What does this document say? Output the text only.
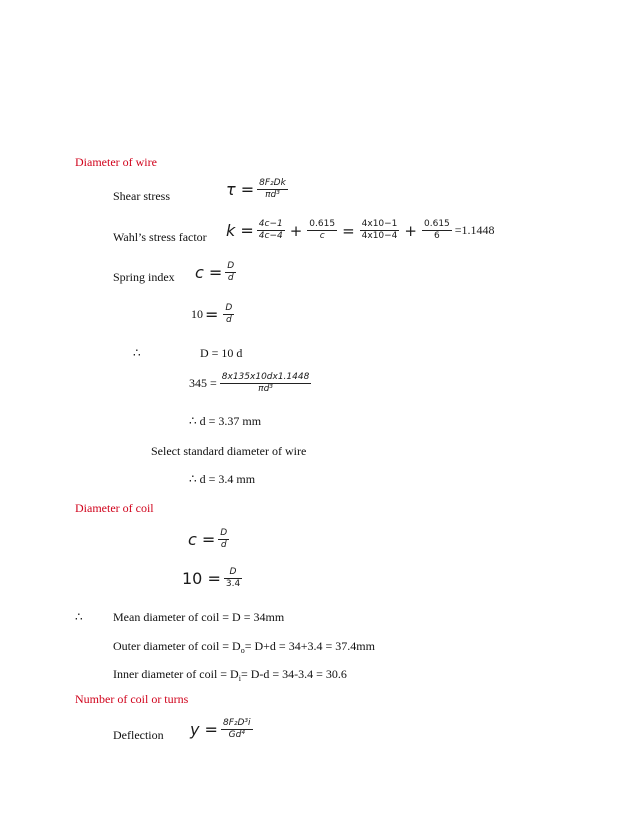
Diameter of wire
Shear stress	$\tau = \frac{\text{8F₂Dk}}{\text{πd³}}$
Wahl’s stress factor $k = \frac{4c-1}{4c-4} + \frac{0.615}{c} = \frac{4x10-1}{4x10-4} + \frac{0.615}{6} =1.1448$
Spring index $c = \frac{D}{d}$
$10 = \frac{D}{d}$
∴	D = 10 d
$345 = \frac{8x135x10dx1.1448}{\text{πd³}}$
∴ d = 3.37 mm
Select standard diameter of wire
∴ d = 3.4 mm
Diameter of coil
$c = \frac{D}{d}$
$10 = \frac{D}{3.4}$
∴	Mean diameter of coil = D = 34mm
Outer diameter of coil = $D_o= D+d = 34+3.4 = 37.4mm$
Inner diameter of coil = $D_i= D-d = 34-3.4 = 30.6$
Number of coil or turns
Deflection $y = \frac{\text{8F₂D³i}}{\text{Gd⁴}}$
